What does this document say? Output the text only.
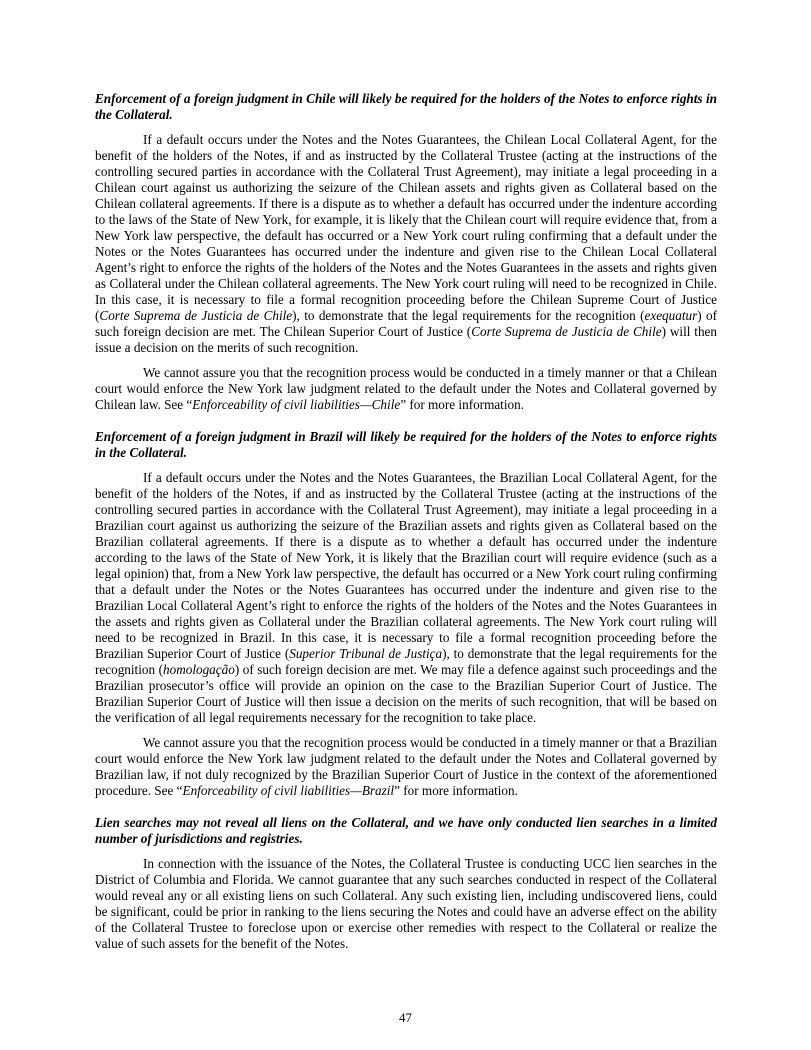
Enforcement of a foreign judgment in Chile will likely be required for the holders of the Notes to enforce rights in the Collateral.

If a default occurs under the Notes and the Notes Guarantees, the Chilean Local Collateral Agent, for the benefit of the holders of the Notes, if and as instructed by the Collateral Trustee (acting at the instructions of the controlling secured parties in accordance with the Collateral Trust Agreement), may initiate a legal proceeding in a Chilean court against us authorizing the seizure of the Chilean assets and rights given as Collateral based on the Chilean collateral agreements. If there is a dispute as to whether a default has occurred under the indenture according to the laws of the State of New York, for example, it is likely that the Chilean court will require evidence that, from a New York law perspective, the default has occurred or a New York court ruling confirming that a default under the Notes or the Notes Guarantees has occurred under the indenture and given rise to the Chilean Local Collateral Agent’s right to enforce the rights of the holders of the Notes and the Notes Guarantees in the assets and rights given as Collateral under the Chilean collateral agreements. The New York court ruling will need to be recognized in Chile. In this case, it is necessary to file a formal recognition proceeding before the Chilean Supreme Court of Justice (Corte Suprema de Justicia de Chile), to demonstrate that the legal requirements for the recognition (exequatur) of such foreign decision are met. The Chilean Superior Court of Justice (Corte Suprema de Justicia de Chile) will then issue a decision on the merits of such recognition.

We cannot assure you that the recognition process would be conducted in a timely manner or that a Chilean court would enforce the New York law judgment related to the default under the Notes and Collateral governed by Chilean law. See “Enforceability of civil liabilities—Chile” for more information.

Enforcement of a foreign judgment in Brazil will likely be required for the holders of the Notes to enforce rights in the Collateral.

If a default occurs under the Notes and the Notes Guarantees, the Brazilian Local Collateral Agent, for the benefit of the holders of the Notes, if and as instructed by the Collateral Trustee (acting at the instructions of the controlling secured parties in accordance with the Collateral Trust Agreement), may initiate a legal proceeding in a Brazilian court against us authorizing the seizure of the Brazilian assets and rights given as Collateral based on the Brazilian collateral agreements. If there is a dispute as to whether a default has occurred under the indenture according to the laws of the State of New York, it is likely that the Brazilian court will require evidence (such as a legal opinion) that, from a New York law perspective, the default has occurred or a New York court ruling confirming that a default under the Notes or the Notes Guarantees has occurred under the indenture and given rise to the Brazilian Local Collateral Agent’s right to enforce the rights of the holders of the Notes and the Notes Guarantees in the assets and rights given as Collateral under the Brazilian collateral agreements. The New York court ruling will need to be recognized in Brazil. In this case, it is necessary to file a formal recognition proceeding before the Brazilian Superior Court of Justice (Superior Tribunal de Justiça), to demonstrate that the legal requirements for the recognition (homologação) of such foreign decision are met. We may file a defence against such proceedings and the Brazilian prosecutor’s office will provide an opinion on the case to the Brazilian Superior Court of Justice. The Brazilian Superior Court of Justice will then issue a decision on the merits of such recognition, that will be based on the verification of all legal requirements necessary for the recognition to take place.

We cannot assure you that the recognition process would be conducted in a timely manner or that a Brazilian court would enforce the New York law judgment related to the default under the Notes and Collateral governed by Brazilian law, if not duly recognized by the Brazilian Superior Court of Justice in the context of the aforementioned procedure. See “Enforceability of civil liabilities—Brazil” for more information.

Lien searches may not reveal all liens on the Collateral, and we have only conducted lien searches in a limited number of jurisdictions and registries.

In connection with the issuance of the Notes, the Collateral Trustee is conducting UCC lien searches in the District of Columbia and Florida. We cannot guarantee that any such searches conducted in respect of the Collateral would reveal any or all existing liens on such Collateral. Any such existing lien, including undiscovered liens, could be significant, could be prior in ranking to the liens securing the Notes and could have an adverse effect on the ability of the Collateral Trustee to foreclose upon or exercise other remedies with respect to the Collateral or realize the value of such assets for the benefit of the Notes.

47
